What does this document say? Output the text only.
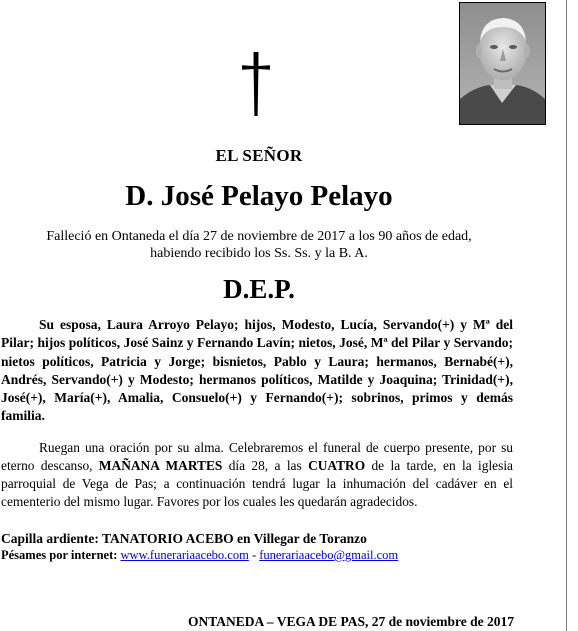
EL SEÑOR
D. José Pelayo Pelayo
Falleció en Ontaneda el día 27 de noviembre de 2017 a los 90 años de edad,
habiendo recibido los Ss. Ss. y la B. A.
D.E.P.
Su esposa, Laura Arroyo Pelayo; hijos, Modesto, Lucía, Servando(+) y Mª del Pilar; hijos políticos, José Sainz y Fernando Lavín; nietos, José, Mª del Pilar y Servando; nietos políticos, Patricia y Jorge; bisnietos, Pablo y Laura; hermanos, Bernabé(+), Andrés, Servando(+) y Modesto; hermanos políticos, Matilde y Joaquina; Trinidad(+), José(+), María(+), Amalia, Consuelo(+) y Fernando(+); sobrinos, primos y demás familia.
Ruegan una oración por su alma. Celebraremos el funeral de cuerpo presente, por su eterno descanso, MAÑANA MARTES día 28, a las CUATRO de la tarde, en la iglesia parroquial de Vega de Pas; a continuación tendrá lugar la inhumación del cadáver en el cementerio del mismo lugar. Favores por los cuales les quedarán agradecidos.
Capilla ardiente: TANATORIO ACEBO en Villegar de Toranzo
Pésames por internet: www.funerariaacebo.com - funerariaacebo@gmail.com
ONTANEDA – VEGA DE PAS, 27 de noviembre de 2017
